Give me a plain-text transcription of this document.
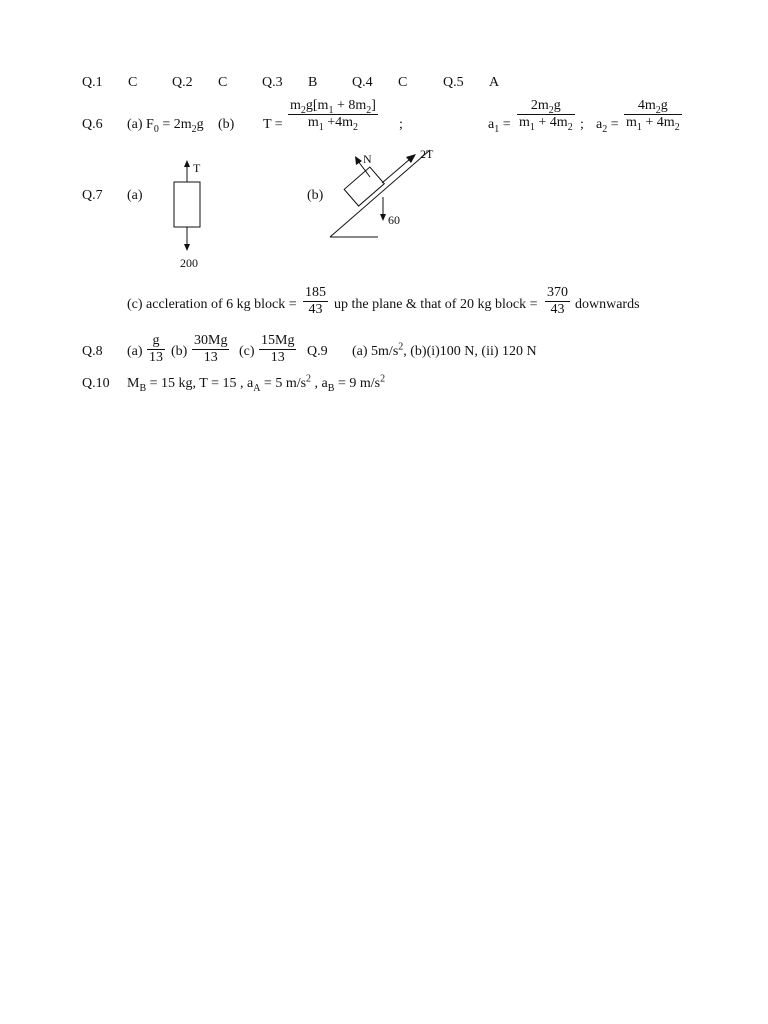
Q.1 C Q.2 C Q.3 B Q.4 C	Q.5 A
Q.6 (a) $F_0 = 2m_2g$ (b) T =
$m_2g[m_1 + 8m_2]$
$m_1 +4m_2$	;	$a_1$ =
$2m_2g$
$m_1 + 4m_2$ ; $a_2$ =
$4m_2g$
$m_1 + 4m_2$
Q.7 (a)
T
200
(b)
2T
N
60
(c) accleration of 6 kg block =
185
43 up the plane & that of 20 kg block =
370
43 downwards
Q.8 (a)
g
13 (b)
30Mg
13 (c)
15Mg
13 Q.9 (a) $5m/s^2$, (b)(i)100 N, (ii) 120 N
Q.10 $M_B = 15$ kg, T = 15 , $a_A = 5$ $m/s^2$ , $a_B = 9$ $m/s^2$
